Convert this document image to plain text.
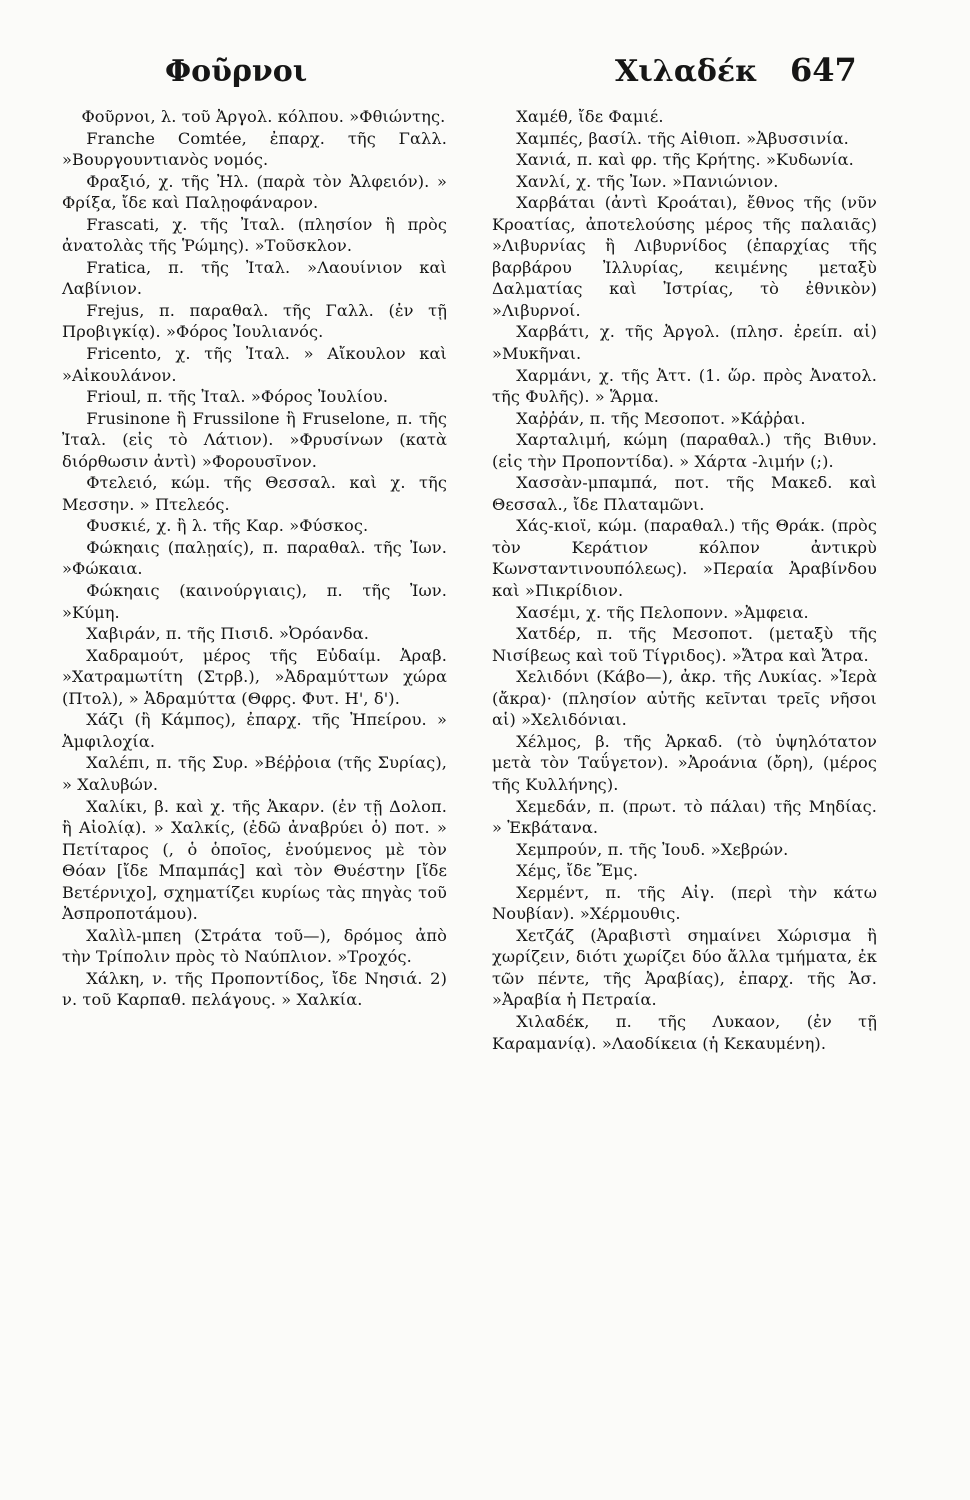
Φοῦρνοι	Χιλαδέκ 647

Φοῦρνοι, λ. τοῦ Ἀργολ. κόλπου. »Φθιώντης.

Franche Comtée, ἐπαρχ. τῆς Γαλλ. »Βουργουντιανὸς νομός.

Φραξιό, χ. τῆς Ἠλ. (παρὰ τὸν Ἀλφειόν). » Φρίξα, ἴδε καὶ Παλῃοφάναρον.

Frascati, χ. τῆς Ἰταλ. (πλησίον ἢ πρὸς ἀνατολὰς τῆς Ῥώμης). »Τοῦσκλον.

Fratica, π. τῆς Ἰταλ. »Λαουίνιον καὶ Λαβίνιον.

Frejus, π. παραθαλ. τῆς Γαλλ. (ἐν τῇ Προβιγκίᾳ). »Φόρος Ἰουλιανός.

Fricento, χ. τῆς Ἰταλ. » Αἴκουλον καὶ »Αἰκουλάνον.

Frioul, π. τῆς Ἰταλ. »Φόρος Ἰουλίου.

Frusinone ἢ Frussilone ἢ Fruselone, π. τῆς Ἰταλ. (εἰς τὸ Λάτιον). »Φρυσίνων (κατὰ διόρθωσιν ἀντὶ) »Φορουσῖνον.

Φτελειό, κώμ. τῆς Θεσσαλ. καὶ χ. τῆς Μεσσην. » Πτελεός.

Φυσκιέ, χ. ἢ λ. τῆς Καρ. »Φύσκος.

Φώκηαις (παλῃαίς), π. παραθαλ. τῆς Ἰων. »Φώκαια.

Φώκηαις (καινούργιαις), π. τῆς Ἰων. »Κύμη.

Χαβιράν, π. τῆς Πισιδ. »Ὀρόανδα.

Χαδραμούτ, μέρος τῆς Εὐδαίμ. Ἀραβ. »Χατραμωτίτη (Στρβ.), »Ἀδραμύττων χώρα (Πτολ), » Ἀδραμύττα (Θφρς. Φυτ. Η', δ').

Χάζι (ἢ Κάμπος), ἐπαρχ. τῆς Ἠπείρου. » Ἀμφιλοχία.

Χαλέπι, π. τῆς Συρ. »Βέῤῥοια (τῆς Συρίας), » Χαλυβών.

Χαλίκι, β. καὶ χ. τῆς Ἀκαρν. (ἐν τῇ Δολοπ. ἢ Αἰολίᾳ). » Χαλκίς, (ἐδῶ ἀναβρύει ὁ) ποτ. » Πετίταρος (, ὁ ὁποῖος, ἑνούμενος μὲ τὸν Θόαν [ἴδε Μπαμπάς] καὶ τὸν Θυέστην [ἴδε Βετέρνιχο], σχηματίζει κυρίως τὰς πηγὰς τοῦ Ἀσπροποτάμου).

Χαλὶλ-μπεη (Στράτα τοῦ—), δρόμος ἀπὸ τὴν Τρίπολιν πρὸς τὸ Ναύπλιον. »Τροχός.

Χάλκη, ν. τῆς Προποντίδος, ἴδε Νησιά. 2) ν. τοῦ Καρπαθ. πελάγους. » Χαλκία.

Χαμέθ, ἴδε Φαμιέ.

Χαμπές, βασίλ. τῆς Αἰθιοπ. »Ἀβυσσινία.

Χανιά, π. καὶ φρ. τῆς Κρήτης. »Κυδωνία.

Χανλί, χ. τῆς Ἰων. »Πανιώνιον.

Χαρβάται (ἀντὶ Κροάται), ἔθνος τῆς (νῦν Κροατίας, ἀποτελούσης μέρος τῆς παλαιᾶς) »Λιβυρνίας ἢ Λιβυρνίδος (ἐπαρχίας τῆς βαρβάρου Ἰλλυρίας, κειμένης μεταξὺ Δαλματίας καὶ Ἰστρίας, τὸ ἐθνικὸν) »Λιβυρνοί.

Χαρβάτι, χ. τῆς Ἀργολ. (πλησ. ἐρείπ. αἱ) »Μυκῆναι.

Χαρμάνι, χ. τῆς Ἀττ. (1. ὥρ. πρὸς Ἀνατολ. τῆς Φυλῆς). » Ἅρμα.

Χαῤῥάν, π. τῆς Μεσοποτ. »Κάῤῥαι.

Χαρταλιμή, κώμη (παραθαλ.) τῆς Βιθυν. (εἰς τὴν Προποντίδα). » Χάρτα -λιμήν (;).

Χασσὰν-μπαμπά, ποτ. τῆς Μακεδ. καὶ Θεσσαλ., ἴδε Πλαταμῶνι.

Χάς-κιοϊ, κώμ. (παραθαλ.) τῆς Θράκ. (πρὸς τὸν Κεράτιον κόλπον ἀντικρὺ Κωνσταντινουπόλεως). »Περαία Ἀραβίνδου καὶ »Πικρίδιον.

Χασέμι, χ. τῆς Πελοπονν. »Ἀμφεια.

Χατδέρ, π. τῆς Μεσοποτ. (μεταξὺ τῆς Νισίβεως καὶ τοῦ Τίγριδος). »Ἄτρα καὶ Ἄτρα.

Χελιδόνι (Κάβο—), ἀκρ. τῆς Λυκίας. »Ἱερὰ (ἄκρα)· (πλησίον αὐτῆς κεῖνται τρεῖς νῆσοι αἱ) »Χελιδόνιαι.

Χέλμος, β. τῆς Ἀρκαδ. (τὸ ὑψηλότατον μετὰ τὸν Ταΰγετον). »Ἀροάνια (ὄρη), (μέρος τῆς Κυλλήνης).

Χεμεδάν, π. (πρωτ. τὸ πάλαι) τῆς Μηδίας. » Ἐκβάτανα.

Χεμπρούν, π. τῆς Ἰουδ. »Χεβρών.

Χέμς, ἴδε Ἔμς.

Χερμέντ, π. τῆς Αἰγ. (περὶ τὴν κάτω Νουβίαν). »Χέρμουθις.

Χετζάζ (Ἀραβιστὶ σημαίνει Χώρισμα ἢ χωρίζειν, διότι χωρίζει δύο ἄλλα τμήματα, ἐκ τῶν πέντε, τῆς Ἀραβίας), ἐπαρχ. τῆς Ἀσ. »Ἀραβία ἡ Πετραία.

Χιλαδέκ, π. τῆς Λυκαον, (ἐν τῇ Καραμανίᾳ). »Λαοδίκεια (ἡ Κεκαυμένη).
